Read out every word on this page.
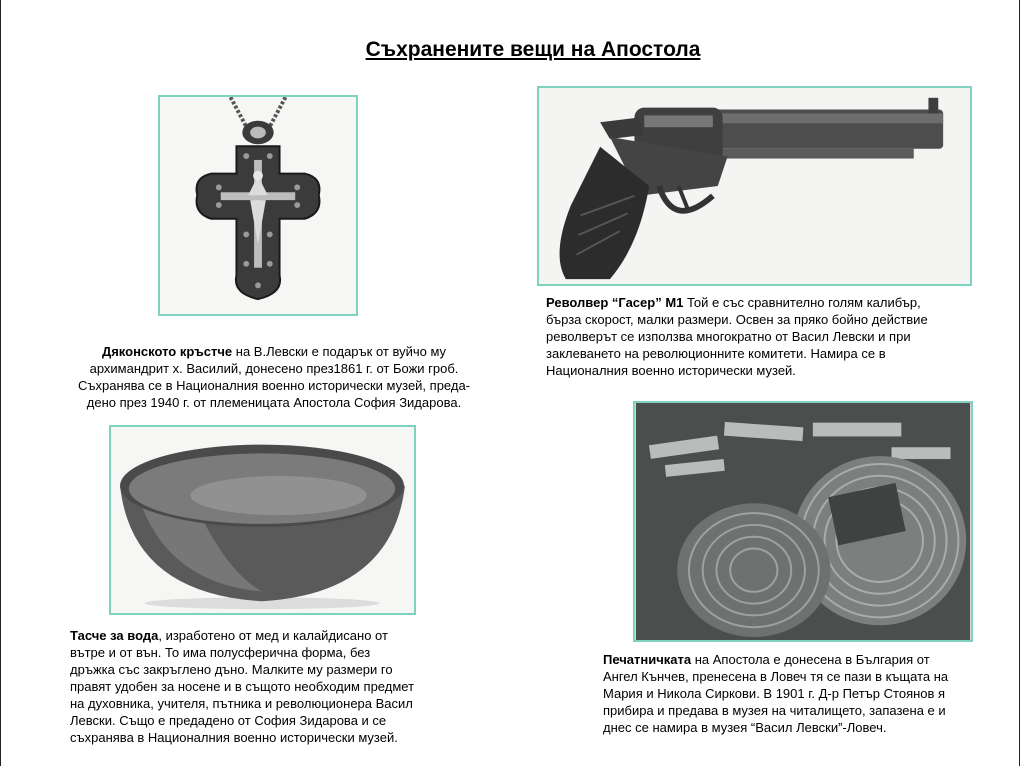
Съхранените вещи на Апостола
Дяконското кръстче на В.Левски е подарък от вуйчо му
архимандрит х. Василий, донесено през1861 г. от Божи гроб.
Съхранява се в Националния военно исторически музей, преда-
дено през 1940 г. от племеницата Апостола София Зидарова.
Револвер “Гасер” М1 Той е със сравнително голям калибър,
бърза скорост, малки размери. Освен за пряко бойно действие
револверът се използва многократно от Васил Левски и при
заклеването на революционните комитети. Намира се в
Националния военно исторически музей.
Тасче за вода, изработено от мед и калайдисано от
вътре и от вън. То има полусферична форма, без
дръжка със закръглено дъно. Малките му размери го
правят удобен за носене и в същото необходим предмет
на духовника, учителя, пътника и революционера Васил
Левски. Също е предадено от София Зидарова и се
съхранява в Националния военно исторически музей.
Печатничката на Апостола е донесена в България от
Ангел Кънчев, пренесена в Ловеч тя се пази в къщата на
Мария и Никола Сиркови. В 1901 г. Д-р Петър Стоянов я
прибира и предава в музея на читалището, запазена е и
днес се намира в музея “Васил Левски”-Ловеч.
